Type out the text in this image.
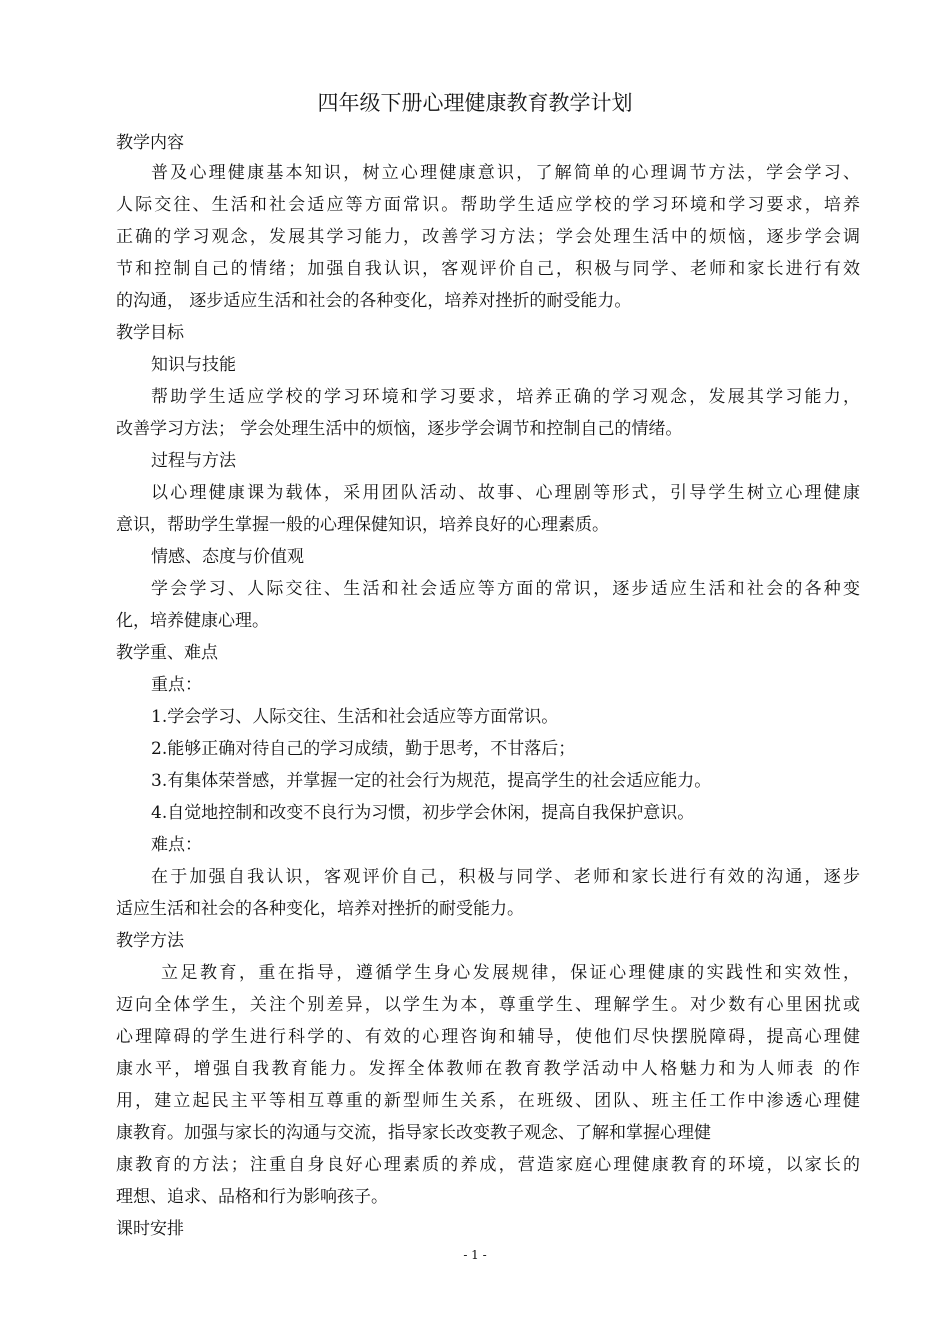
四年级下册心理健康教育教学计划
教学内容
普及心理健康基本知识，树立心理健康意识，了解简单的心理调节方法，学会学习、
人际交往、生活和社会适应等方面常识。帮助学生适应学校的学习环境和学习要求，培养
正确的学习观念，发展其学习能力，改善学习方法；学会处理生活中的烦恼，逐步学会调
节和控制自己的情绪；加强自我认识，客观评价自己，积极与同学、老师和家长进行有效
的沟通， 逐步适应生活和社会的各种变化，培养对挫折的耐受能力。
教学目标
知识与技能
帮助学生适应学校的学习环境和学习要求，培养正确的学习观念，发展其学习能力，
改善学习方法； 学会处理生活中的烦恼，逐步学会调节和控制自己的情绪。
过程与方法
以心理健康课为载体，采用团队活动、故事、心理剧等形式，引导学生树立心理健康
意识，帮助学生掌握一般的心理保健知识，培养良好的心理素质。
情感、态度与价值观
学会学习、人际交往、生活和社会适应等方面的常识，逐步适应生活和社会的各种变
化，培养健康心理。
教学重、难点
重点：
1.学会学习、人际交往、生活和社会适应等方面常识。
2.能够正确对待自己的学习成绩，勤于思考，不甘落后；
3.有集体荣誉感，并掌握一定的社会行为规范，提高学生的社会适应能力。
4.自觉地控制和改变不良行为习惯，初步学会休闲，提高自我保护意识。
难点：
在于加强自我认识，客观评价自己，积极与同学、老师和家长进行有效的沟通，逐步
适应生活和社会的各种变化，培养对挫折的耐受能力。
教学方法
立足教育，重在指导，遵循学生身心发展规律，保证心理健康的实践性和实效性，
迈向全体学生，关注个别差异，以学生为本，尊重学生、理解学生。对少数有心里困扰或
心理障碍的学生进行科学的、有效的心理咨询和辅导，使他们尽快摆脱障碍，提高心理健
康水平，增强自我教育能力。发挥全体教师在教育教学活动中人格魅力和为人师表 的作
用，建立起民主平等相互尊重的新型师生关系，在班级、团队、班主任工作中渗透心理健
康教育。加强与家长的沟通与交流，指导家长改变教子观念、了解和掌握心理健
康教育的方法；注重自身良好心理素质的养成，营造家庭心理健康教育的环境，以家长的
理想、追求、品格和行为影响孩子。
课时安排
- 1 -
